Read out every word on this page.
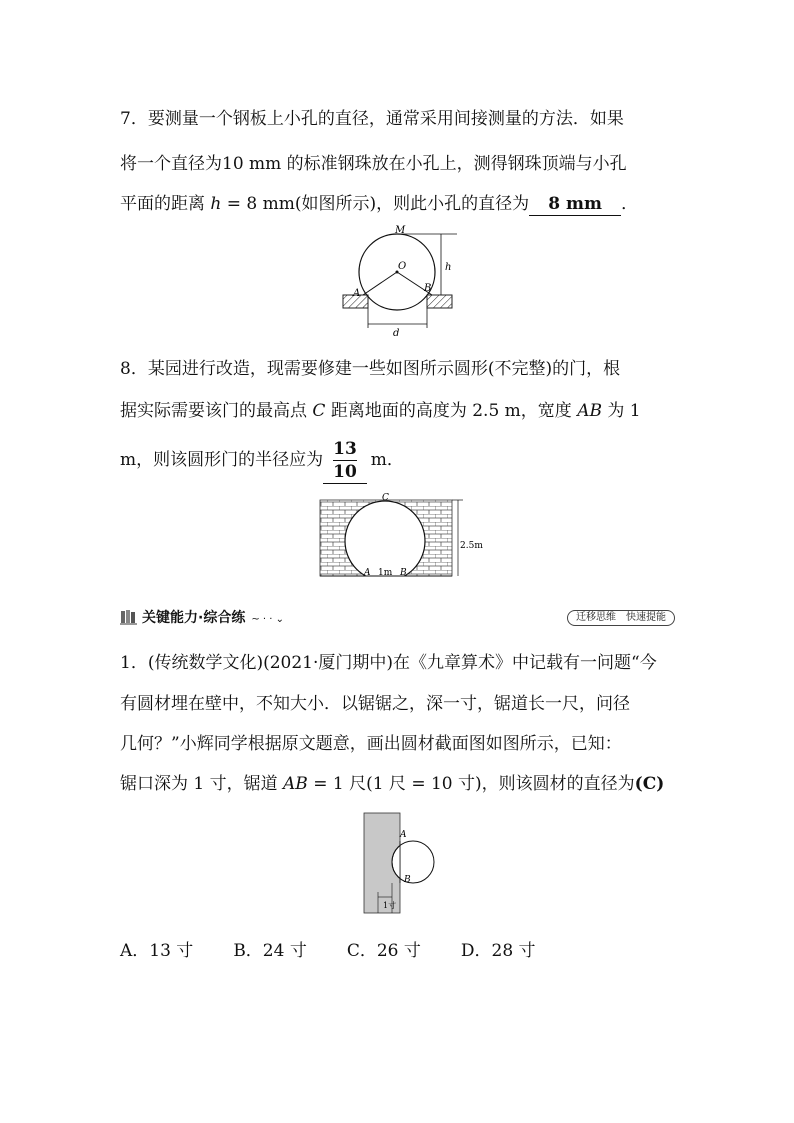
7．要测量一个钢板上小孔的直径，通常采用间接测量的方法．如果
将一个直径为10 mm 的标准钢珠放在小孔上，测得钢珠顶端与小孔
平面的距离 h = 8 mm(如图所示)，则此小孔的直径为 8 mm ．
M
O
A	B
h
d
8．某园进行改造，现需要修建一些如图所示圆形(不完整)的门，根
据实际需要该门的最高点 C 距离地面的高度为 2.5 m，宽度 AB 为 1
m，则该圆形门的半径应为 $\frac{13}{10}$ m．
C
A	B
1m
2.5m
关键能力·综合练 ~ · · ⌄	迁移思维　快速提能
1．(传统数学文化)(2021·厦门期中)在《九章算术》中记载有一问题“今
有圆材埋在壁中，不知大小．以锯锯之，深一寸，锯道长一尺，问径
几何？”小辉同学根据原文题意，画出圆材截面图如图所示，已知：
锯口深为 1 寸，锯道 AB = 1 尺(1 尺 = 10 寸)，则该圆材的直径为(C)
A
B
1寸
A．13 寸 B．24 寸 C．26 寸 D．28 寸
